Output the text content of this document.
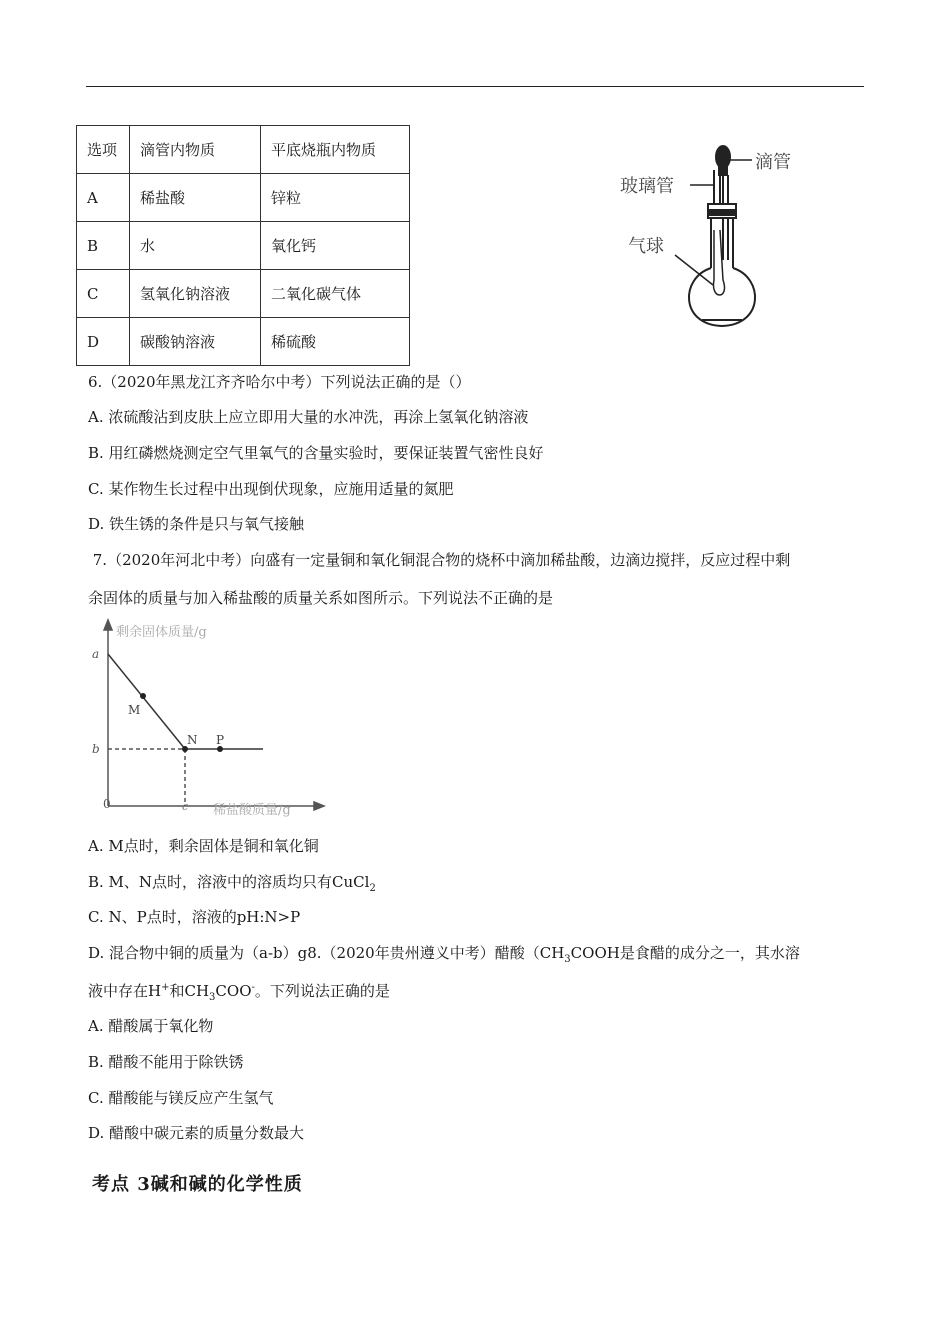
选项	滴管内物质	平底烧瓶内物质
A	稀盐酸	锌粒
B	水	氧化钙
C	氢氧化钠溶液	二氧化碳气体
D	碳酸钠溶液	稀硫酸
滴管
玻璃管
气球
6.（2020年黑龙江齐齐哈尔中考）下列说法正确的是（）
A. 浓硫酸沾到皮肤上应立即用大量的水冲洗，再涂上氢氧化钠溶液
B. 用红磷燃烧测定空气里氧气的含量实验时，要保证装置气密性良好
C. 某作物生长过程中出现倒伏现象，应施用适量的氮肥
D. 铁生锈的条件是只与氧气接触
7.（2020年河北中考）向盛有一定量铜和氧化铜混合物的烧杯中滴加稀盐酸，边滴边搅拌，反应过程中剩
余固体的质量与加入稀盐酸的质量关系如图所示。下列说法不正确的是
剩余固体质量/g
稀盐酸质量/g
0
a
b
c
M
N P
A. M点时，剩余固体是铜和氧化铜
B. M、N点时，溶液中的溶质均只有CuCl$_2$
C. N、P点时，溶液的pH:N>P
D. 混合物中铜的质量为（a-b）g8.（2020年贵州遵义中考）醋酸（$CH_3COOH$是食醋的成分之一，其水溶
液中存在H+和$CH_3COO^-$。下列说法正确的是
A. 醋酸属于氧化物
B. 醋酸不能用于除铁锈
C. 醋酸能与镁反应产生氢气
D. 醋酸中碳元素的质量分数最大
考点 3碱和碱的化学性质
